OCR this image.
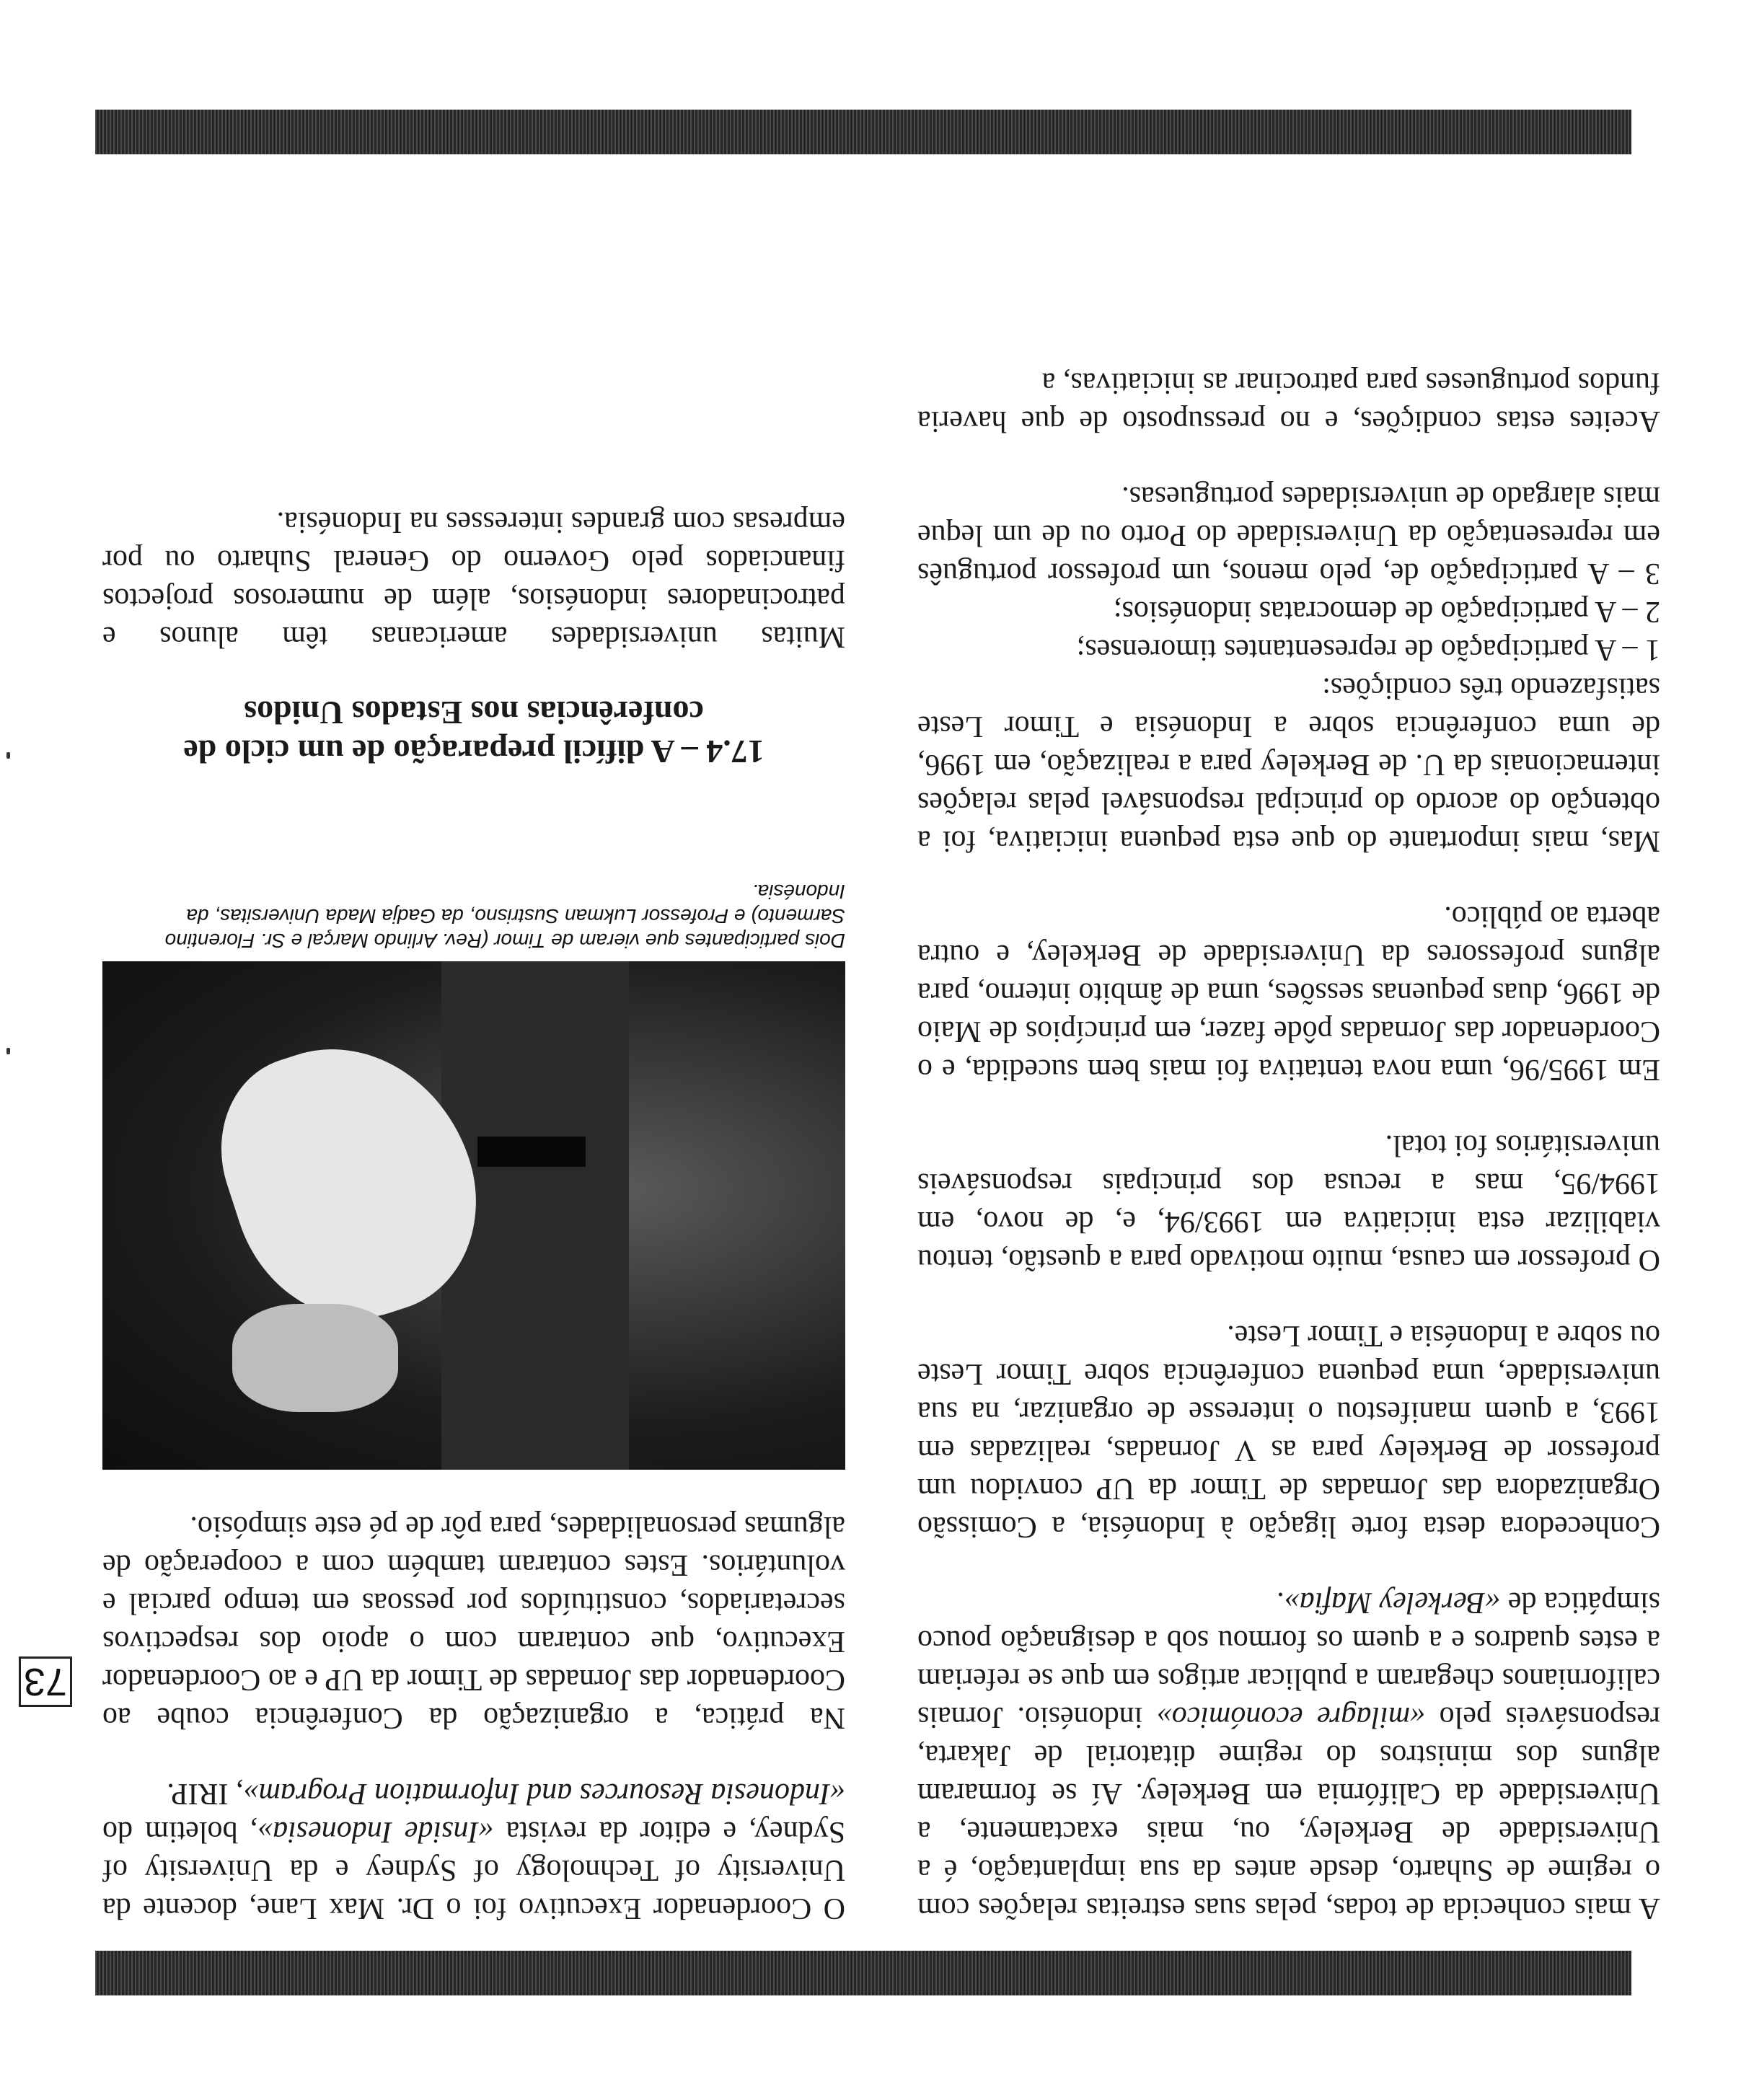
A mais conhecida de todas, pelas suas estreitas relações com o regime de Suharto, desde antes da sua implantação, é a Universidade de Berkeley, ou, mais exactamente, a Universidade da Califórnia em Berkeley. Aí se formaram alguns dos ministros do regime ditatorial de Jakarta, responsáveis pelo «milagre económico» indonésio. Jornais californianos chegaram a publicar artigos em que se referiam a estes quadros e a quem os formou sob a designação pouco simpática de «Berkeley Mafia».

Conhecedora desta forte ligação à Indonésia, a Comissão Organizadora das Jornadas de Timor da UP convidou um professor de Berkeley para as V Jornadas, realizadas em 1993, a quem manifestou o interesse de organizar, na sua universidade, uma pequena conferência sobre Timor Leste ou sobre a Indonésia e Timor Leste.

O professor em causa, muito motivado para a questão, tentou viabilizar esta iniciativa em 1993/94, e, de novo, em 1994/95, mas a recusa dos principais responsáveis universitários foi total.

Em 1995/96, uma nova tentativa foi mais bem sucedida, e o Coordenador das Jornadas pôde fazer, em princípios de Maio de 1996, duas pequenas sessões, uma de âmbito interno, para alguns professores da Universidade de Berkeley, e outra aberta ao público.

Mas, mais importante do que esta pequena iniciativa, foi a obtenção do acordo do principal responsável pelas relações internacionais da U. de Berkeley para a realização, em 1996, de uma conferência sobre a Indonésia e Timor Leste satisfazendo três condições:

1 – A participação de representantes timorenses;

2 – A participação de democratas indonésios;

3 – A participação de, pelo menos, um professor português em representação da Universidade do Porto ou de um leque mais alargado de universidades portuguesas.

Aceites estas condições, e no pressuposto de que haveria fundos portugueses para patrocinar as iniciativas, a

O Coordenador Executivo foi o Dr. Max Lane, docente da University of Technology of Sydney e da University of Sydney, e editor da revista «Inside Indonesia», boletim do «Indonesia Resources and Information Program», IRIP.

Na prática, a organização da Conferência coube ao Coordenador das Jornadas de Timor da UP e ao Coordenador Executivo, que contaram com o apoio dos respectivos secretariados, constituídos por pessoas em tempo parcial e voluntários. Estes contaram também com a cooperação de algumas personalidades, para pôr de pé este simpósio.

Dois participantes que vieram de Timor (Rev. Arlindo Marçal e Sr. Florentino Sarmento) e Professor Lukman Sustrisno, da Gadja Mada Universitas, da Indonésia.

17.4 – A difícil preparação de um ciclo de conferências nos Estados Unidos

Muitas universidades americanas têm alunos e patrocinadores indonésios, além de numerosos projectos financiados pelo Governo do General Suharto ou por empresas com grandes interesses na Indonésia.

73
